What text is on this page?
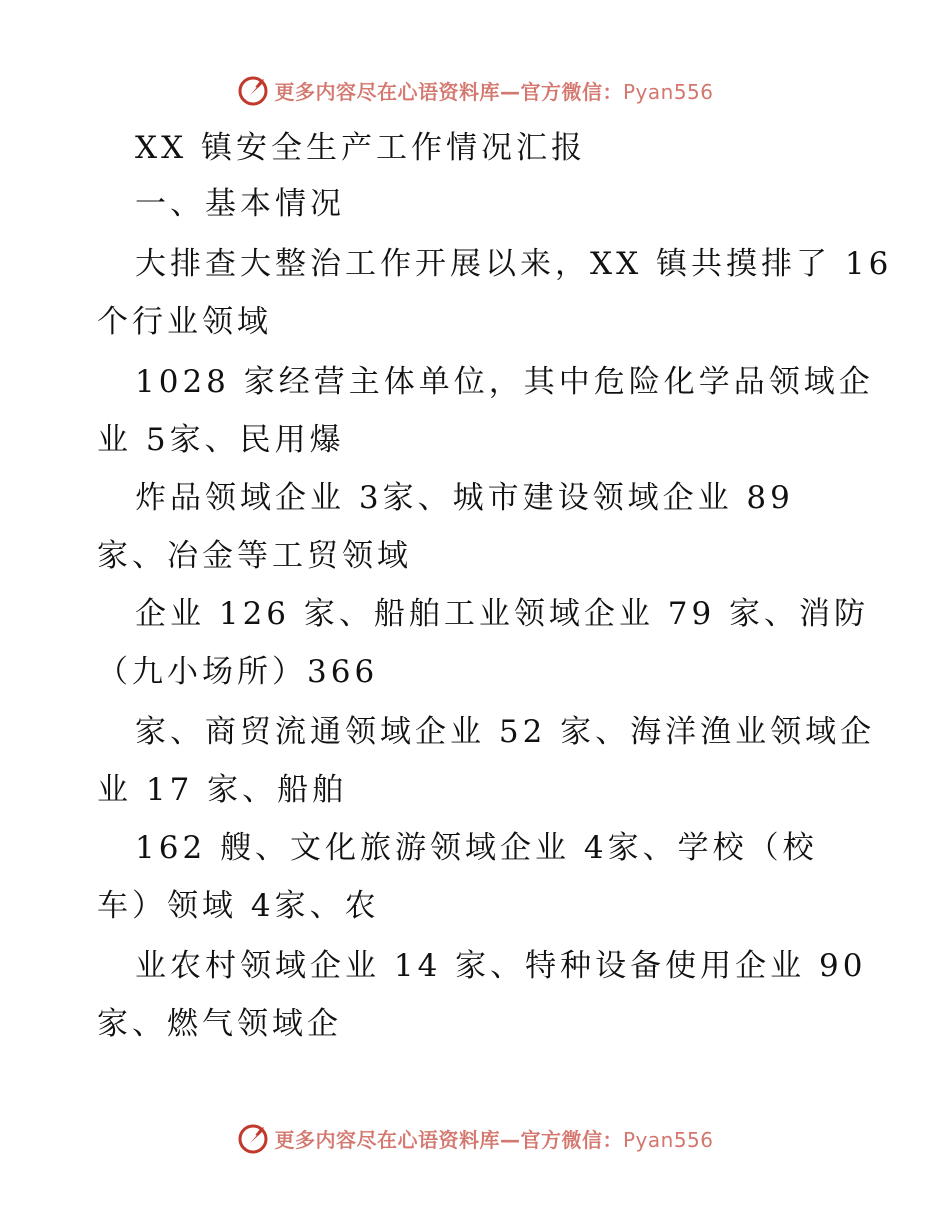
更多内容尽在心语资料库—官方微信：Pyan556
XX 镇安全生产工作情况汇报
一、基本情况
大排查大整治工作开展以来，XX 镇共摸排了 16
个行业领域
1028 家经营主体单位，其中危险化学品领域企
业 5家、民用爆
炸品领域企业 3家、城市建设领域企业 89
家、冶金等工贸领域
企业 126 家、船舶工业领域企业 79 家、消防
（九小场所）366
家、商贸流通领域企业 52 家、海洋渔业领域企
业 17 家、船舶
162 艘、文化旅游领域企业 4家、学校（校
车）领域 4家、农
业农村领域企业 14 家、特种设备使用企业 90
家、燃气领域企
更多内容尽在心语资料库—官方微信：Pyan556
